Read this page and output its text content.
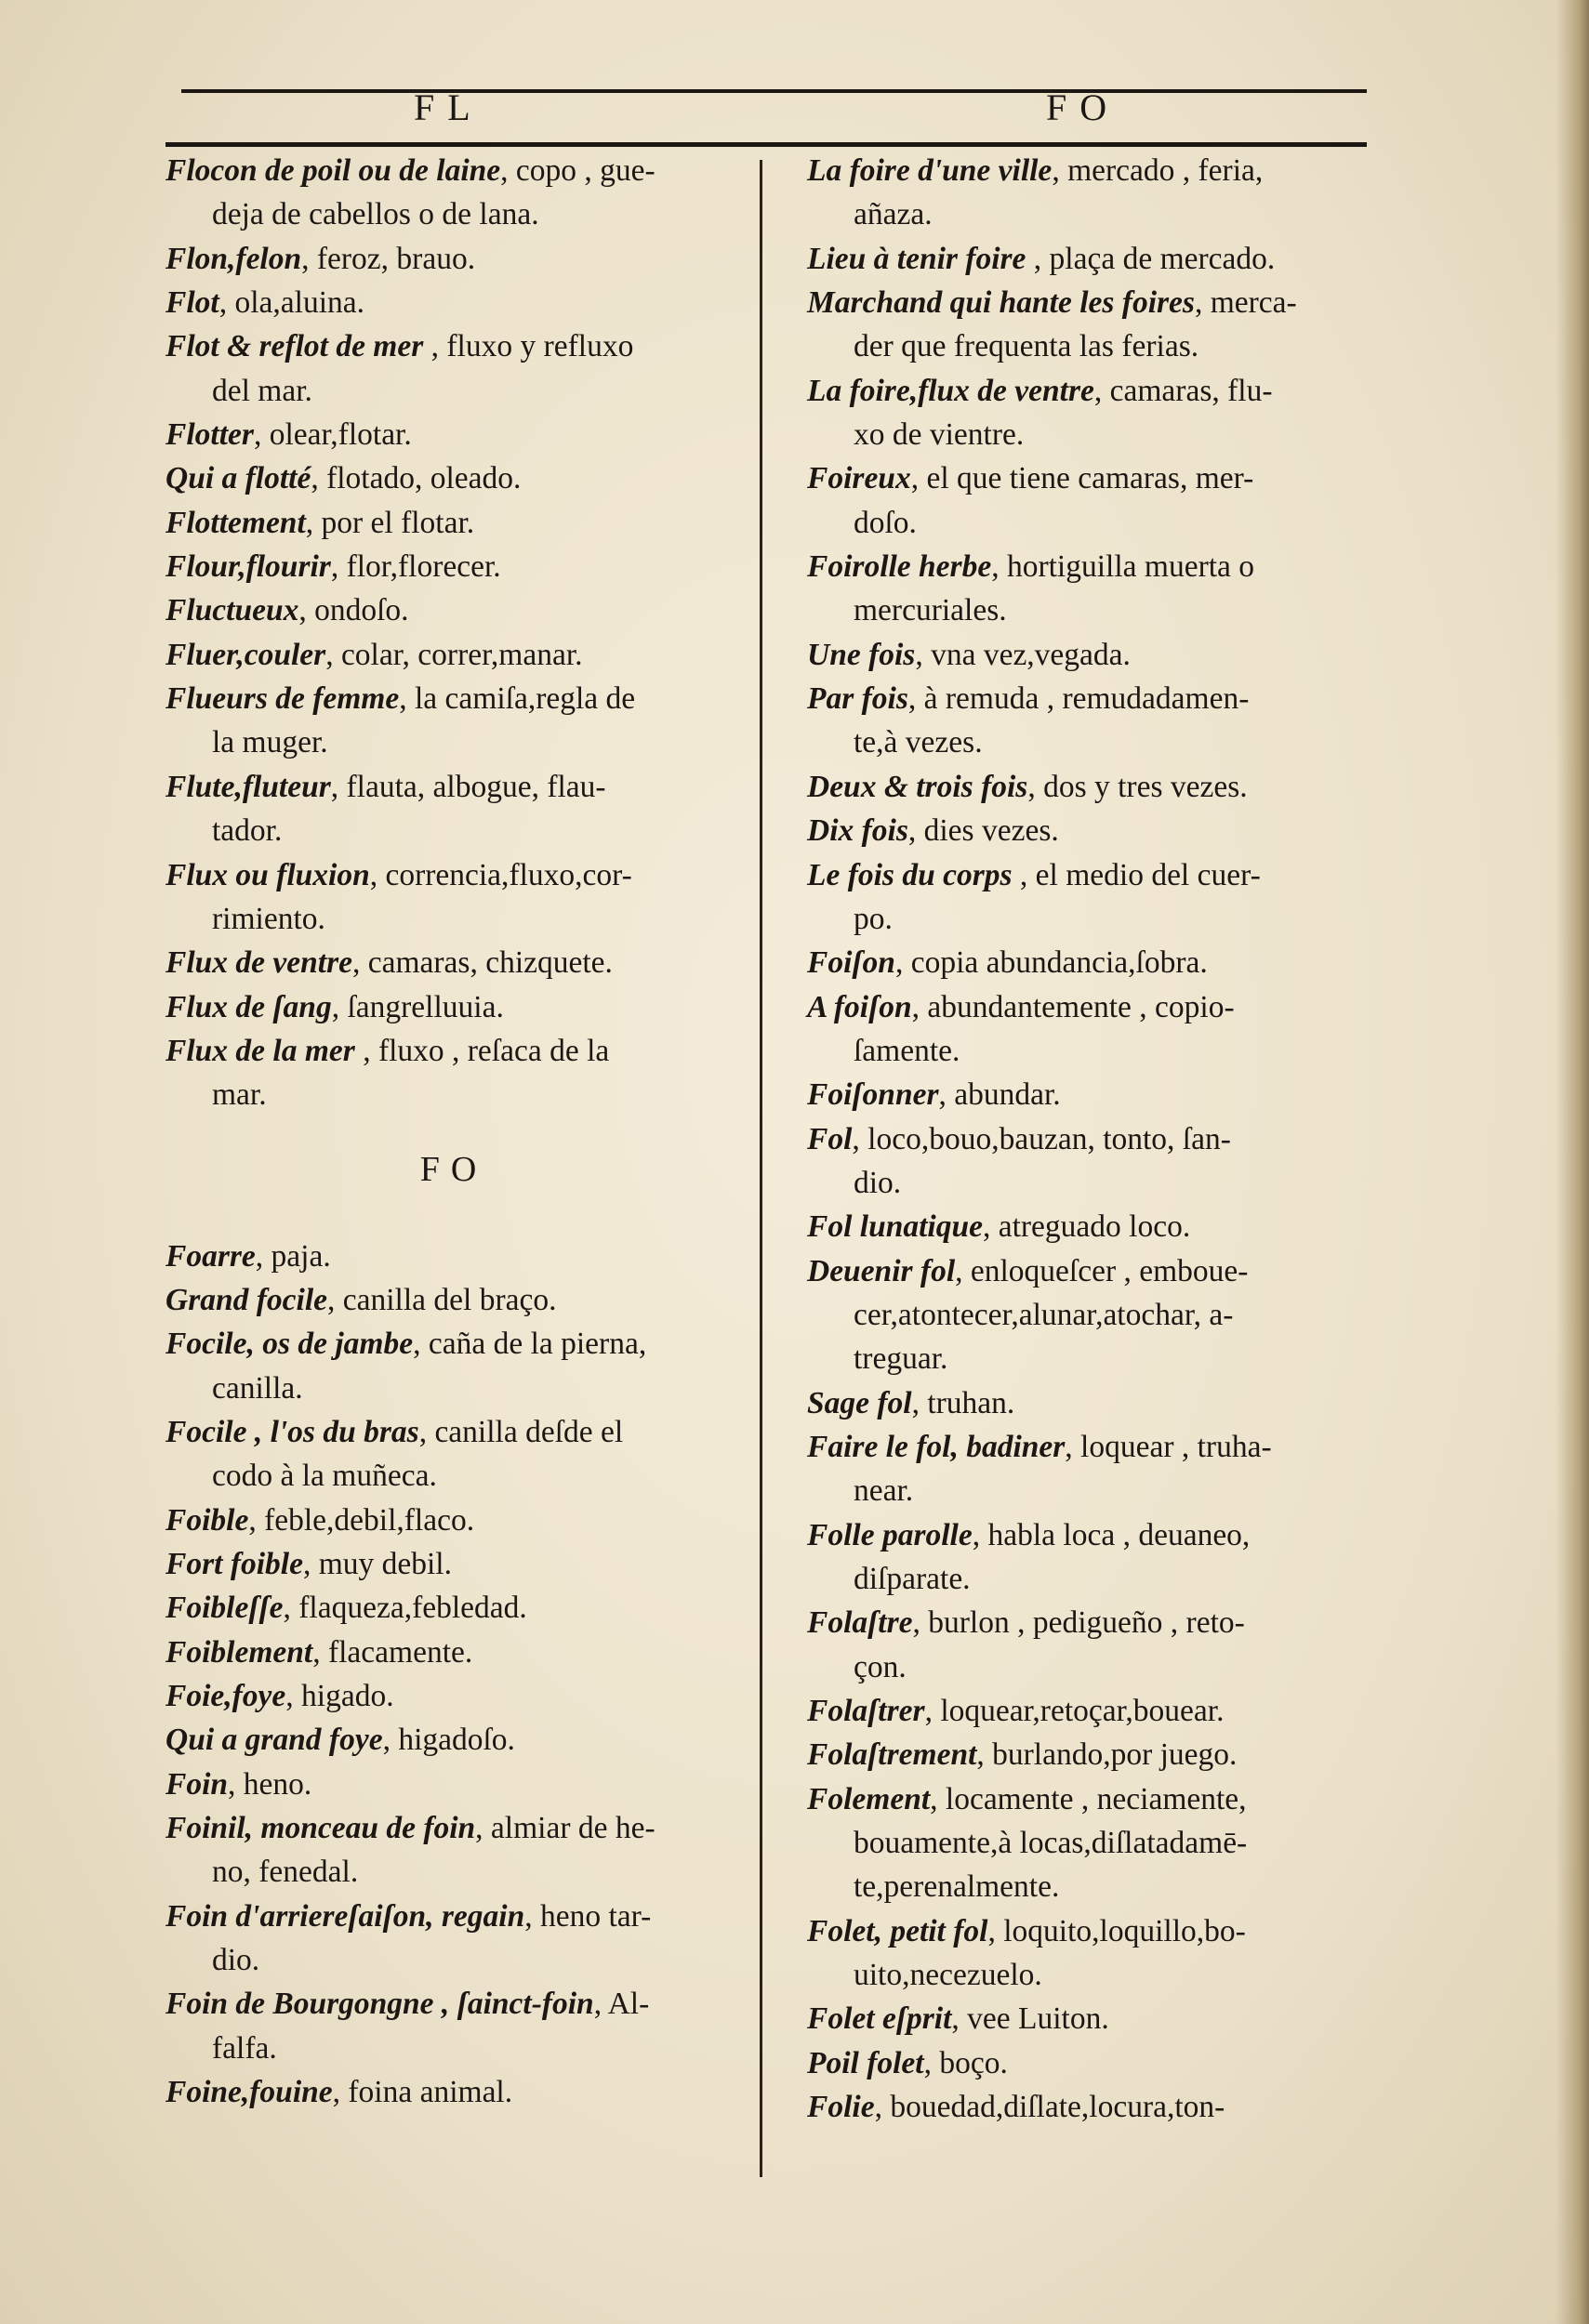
FL	FO
Flocon de poil ou de laine, copo , gue-
deja de cabellos o de lana.
Flon,felon, feroz, brauo.
Flot, ola,aluina.
Flot & reflot de mer , fluxo y refluxo
del mar.
Flotter, olear,flotar.
Qui a flotté, flotado, oleado.
Flottement, por el flotar.
Flour,flourir, flor,florecer.
Fluctueux, ondoſo.
Fluer,couler, colar, correr,manar.
Flueurs de femme, la camiſa,regla de
la muger.
Flute,fluteur, flauta, albogue, flau-
tador.
Flux ou fluxion, correncia,fluxo,cor-
rimiento.
Flux de ventre, camaras, chizquete.
Flux de ſang, ſangrelluuia.
Flux de la mer , fluxo , reſaca de la
mar.
FO
Foarre, paja.
Grand focile, canilla del braço.
Focile, os de jambe, caña de la pierna,
canilla.
Focile , l'os du bras, canilla deſde el
codo à la muñeca.
Foible, feble,debil,flaco.
Fort foible, muy debil.
Foibleſſe, flaqueza,febledad.
Foiblement, flacamente.
Foie,foye, higado.
Qui a grand foye, higadoſo.
Foin, heno.
Foinil, monceau de foin, almiar de he-
no, fenedal.
Foin d'arriereſaiſon, regain, heno tar-
dio.
Foin de Bourgongne , ſainct-foin, Al-
falfa.
Foine,fouine, foina animal.
La foire d'une ville, mercado , feria,
añaza.
Lieu à tenir foire , plaça de mercado.
Marchand qui hante les foires, merca-
der que frequenta las ferias.
La foire,flux de ventre, camaras, flu-
xo de vientre.
Foireux, el que tiene camaras, mer-
doſo.
Foirolle herbe, hortiguilla muerta o
mercuriales.
Une fois, vna vez,vegada.
Par fois, à remuda , remudadamen-
te,à vezes.
Deux & trois fois, dos y tres vezes.
Dix fois, dies vezes.
Le fois du corps , el medio del cuer-
po.
Foiſon, copia abundancia,ſobra.
A foiſon, abundantemente , copio-
ſamente.
Foiſonner, abundar.
Fol, loco,bouo,bauzan, tonto, ſan-
dio.
Fol lunatique, atreguado loco.
Deuenir fol, enloqueſcer , emboue-
cer,atontecer,alunar,atochar, a-
treguar.
Sage fol, truhan.
Faire le fol, badiner, loquear , truha-
near.
Folle parolle, habla loca , deuaneo,
diſparate.
Folaſtre, burlon , pedigueño , reto-
çon.
Folaſtrer, loquear,retoçar,bouear.
Folaſtrement, burlando,por juego.
Folement, locamente , neciamente,
bouamente,à locas,diſlatadamē-
te,perenalmente.
Folet, petit fol, loquito,loquillo,bo-
uito,necezuelo.
Folet eſprit, vee Luiton.
Poil folet, boço.
Folie, bouedad,diſlate,locura,ton-
